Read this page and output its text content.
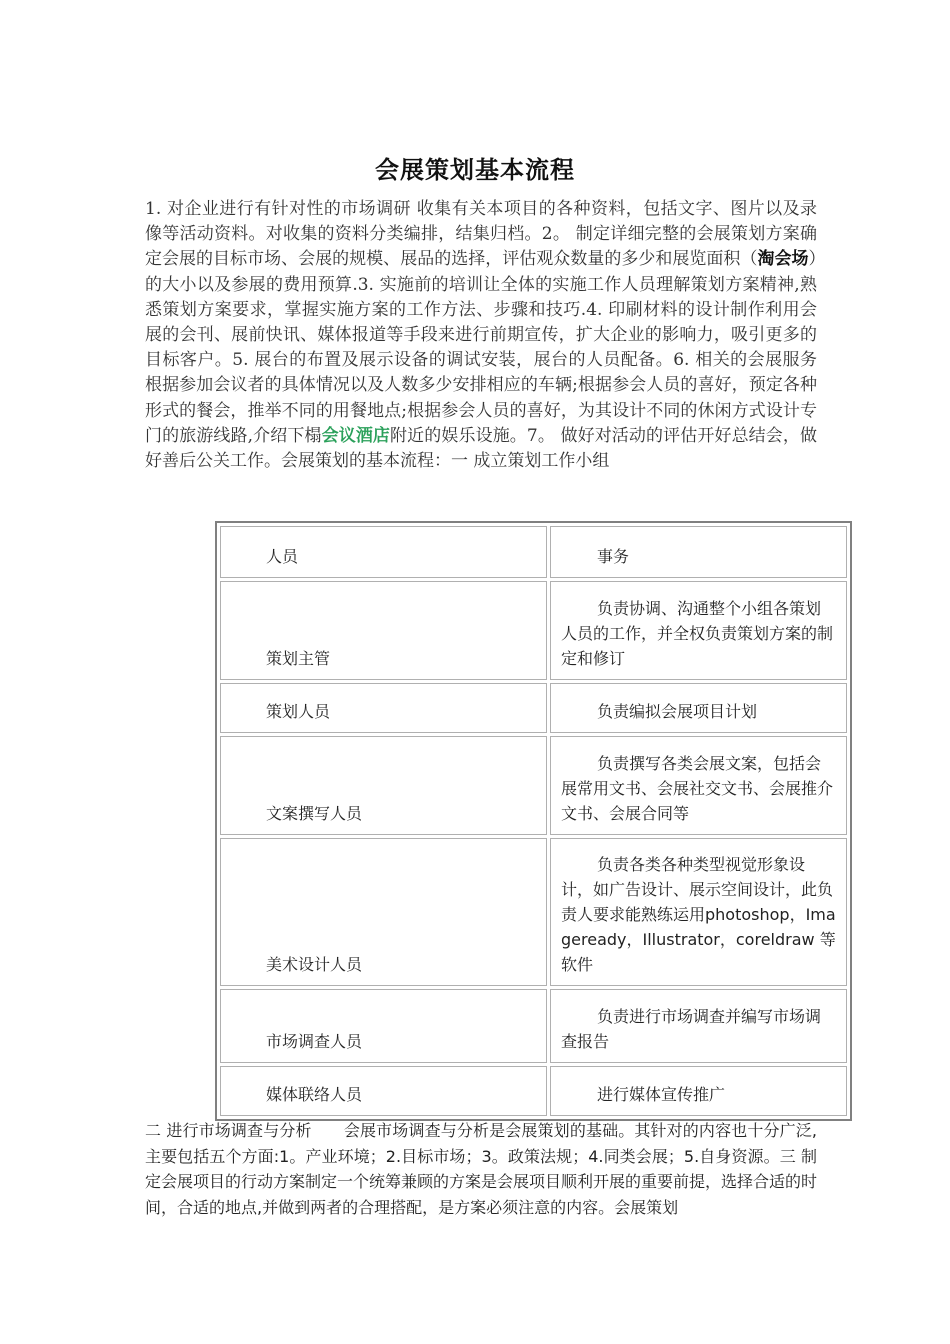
会展策划基本流程
1. 对企业进行有针对性的市场调研 收集有关本项目的各种资料，包括文字、图片以及录像等活动资料。对收集的资料分类编排，结集归档。2。 制定详细完整的会展策划方案确定会展的目标市场、会展的规模、展品的选择，评估观众数量的多少和展览面积（淘会场）的大小以及参展的费用预算.3. 实施前的培训让全体的实施工作人员理解策划方案精神,熟悉策划方案要求，掌握实施方案的工作方法、步骤和技巧.4. 印刷材料的设计制作利用会展的会刊、展前快讯、媒体报道等手段来进行前期宣传，扩大企业的影响力，吸引更多的目标客户。5. 展台的布置及展示设备的调试安装，展台的人员配备。6. 相关的会展服务根据参加会议者的具体情况以及人数多少安排相应的车辆;根据参会人员的喜好，预定各种形式的餐会，推举不同的用餐地点;根据参会人员的喜好，为其设计不同的休闲方式设计专门的旅游线路,介绍下榻会议酒店附近的娱乐设施。7。 做好对活动的评估开好总结会，做好善后公关工作。会展策划的基本流程：一 成立策划工作小组
人员	事务

策划主管	负责协调、沟通整个小组各策划人员的工作，并全权负责策划方案的制定和修订

策划人员	负责编拟会展项目计划

文案撰写人员	负责撰写各类会展文案，包括会展常用文书、会展社交文书、会展推介文书、会展合同等

美术设计人员	负责各类各种类型视觉形象设计，如广告设计、展示空间设计，此负责人要求能熟练运用photoshop，Imageready，Illustrator，coreldraw 等软件

市场调查人员	负责进行市场调查并编写市场调查报告

媒体联络人员	进行媒体宣传推广
二 进行市场调查与分析　　会展市场调查与分析是会展策划的基础。其针对的内容也十分广泛,主要包括五个方面:1。产业环境；2.目标市场；3。政策法规；4.同类会展；5.自身资源。三 制定会展项目的行动方案制定一个统筹兼顾的方案是会展项目顺利开展的重要前提，选择合适的时间，合适的地点,并做到两者的合理搭配，是方案必须注意的内容。会展策划
